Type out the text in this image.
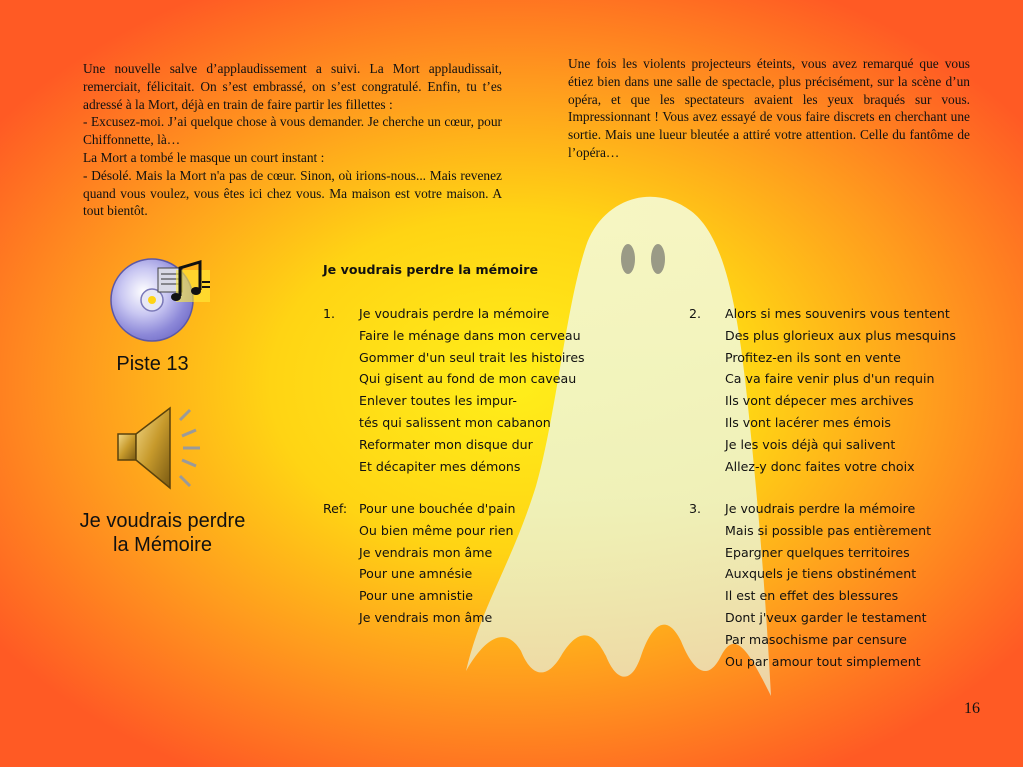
Une nouvelle salve d’applaudissement a suivi. La Mort applaudissait, remerciait, félicitait. On s’est embrassé, on s’est congratulé. Enfin, tu t’es adressé à la Mort, déjà en train de faire partir les fillettes :

- Excusez-moi. J’ai quelque chose à vous demander. Je cherche un cœur, pour Chiffonnette, là…

La Mort a tombé le masque un court instant :

- Désolé. Mais la Mort n'a pas de cœur. Sinon, où irions-nous... Mais revenez quand vous voulez, vous êtes ici chez vous. Ma maison est votre maison. A tout bientôt.

Une fois les violents projecteurs éteints, vous avez remarqué que vous étiez bien dans une salle de spectacle, plus précisément, sur la scène d’un opéra, et que les spectateurs avaient les yeux braqués sur vous. Impressionnant ! Vous avez essayé de vous faire discrets en cherchant une sortie. Mais une lueur bleutée a attiré votre attention. Celle du fantôme de l’opéra…

Piste 13
Je voudrais perdre
la Mémoire
Je voudrais perdre la mémoire
1. Je voudrais perdre la mémoire
Faire le ménage dans mon cerveau
Gommer d'un seul trait les histoires
Qui gisent au fond de mon caveau
Enlever toutes les impur-
tés qui salissent mon cabanon
Reformater mon disque dur
Et décapiter mes démons
Ref: Pour une bouchée d'pain
Ou bien même pour rien
Je vendrais mon âme
Pour une amnésie
Pour une amnistie
Je vendrais mon âme
2. Alors si mes souvenirs vous tentent
Des plus glorieux aux plus mesquins
Profitez-en ils sont en vente
Ca va faire venir plus d'un requin
Ils vont dépecer mes archives
Ils vont lacérer mes émois
Je les vois déjà qui salivent
Allez-y donc faites votre choix
3. Je voudrais perdre la mémoire
Mais si possible pas entièrement
Epargner quelques territoires
Auxquels je tiens obstinément
Il est en effet des blessures
Dont j'veux garder le testament
Par masochisme par censure
Ou par amour tout simplement
16
